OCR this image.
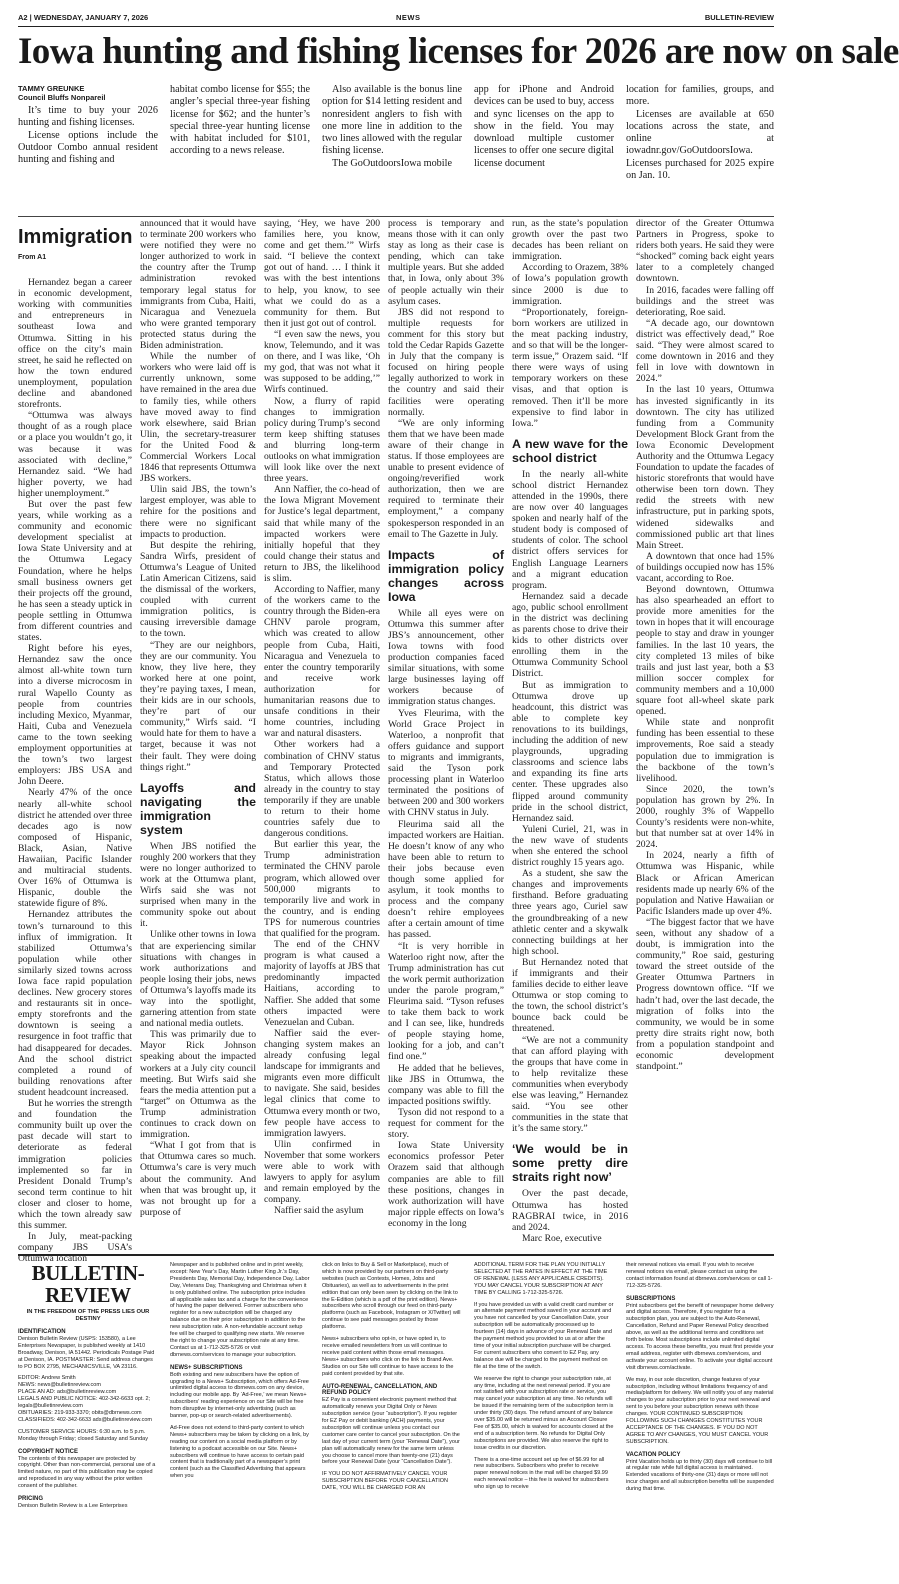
A2 | WEDNESDAY, JANUARY 7, 2026	NEWS	BULLETIN-REVIEW
Iowa hunting and fishing licenses for 2026 are now on sale
TAMMY GREUNKE
Council Bluffs Nonpareil

It’s time to buy your 2026 hunting and fishing licenses.

License options include the Outdoor Combo annual resident hunting and fishing and

habitat combo license for $55; the angler’s special three-year fishing license for $62; and the hunter’s special three-year hunting license with habitat included for $101, according to a news release.

Also available is the bonus line option for $14 letting resident and nonresident anglers to fish with one more line in addition to the two lines allowed with the regular fishing license.

The GoOutdoorsIowa mobile

app for iPhone and Android devices can be used to buy, access and sync licenses on the app to show in the field. You may download multiple customer licenses to offer one secure digital license document

location for families, groups, and more.

Licenses are available at 650 locations across the state, and online at iowadnr.gov/GoOutdoorsIowa. Licenses purchased for 2025 expire on Jan. 10.

Immigration
From A1

Hernandez began a career in economic development, working with communities and entrepreneurs in southeast Iowa and Ottumwa. Sitting in his office on the city’s main street, he said he reflected on how the town endured unemployment, population decline and abandoned storefronts.

“Ottumwa was always thought of as a rough place or a place you wouldn’t go, it was because it was associated with decline,” Hernandez said. “We had higher poverty, we had higher unemployment.”

But over the past few years, while working as a community and economic development specialist at Iowa State University and at the Ottumwa Legacy Foundation, where he helps small business owners get their projects off the ground, he has seen a steady uptick in people settling in Ottumwa from different countries and states.

Right before his eyes, Hernandez saw the once almost all-white town turn into a diverse microcosm in rural Wapello County as people from countries including Mexico, Myanmar, Haiti, Cuba and Venezuela came to the town seeking employment opportunities at the town’s two largest employers: JBS USA and John Deere.

Nearly 47% of the once nearly all-white school district he attended over three decades ago is now composed of Hispanic, Black, Asian, Native Hawaiian, Pacific Islander and multiracial students. Over 16% of Ottumwa is Hispanic, double the statewide figure of 8%.

Hernandez attributes the town’s turnaround to this influx of immigration. It stabilized Ottumwa’s population while other similarly sized towns across Iowa face rapid population declines. New grocery stores and restaurants sit in once-empty storefronts and the downtown is seeing a resurgence in foot traffic that had disappeared for decades. And the school district completed a round of building renovations after student headcount increased.

But he worries the strength and foundation the community built up over the past decade will start to deteriorate as federal immigration policies implemented so far in President Donald Trump’s second term continue to hit closer and closer to home, which the town already saw this summer.

In July, meat-packing company JBS USA’s Ottumwa location

announced that it would have to terminate 200 workers who were notified they were no longer authorized to work in the country after the Trump administration revoked temporary legal status for immigrants from Cuba, Haiti, Nicaragua and Venezuela who were granted temporary protected status during the Biden administration.

While the number of workers who were laid off is currently unknown, some have remained in the area due to family ties, while others have moved away to find work elsewhere, said Brian Ulin, the secretary-treasurer for the United Food & Commercial Workers Local 1846 that represents Ottumwa JBS workers.

Ulin said JBS, the town’s largest employer, was able to rehire for the positions and there were no significant impacts to production.

But despite the rehiring, Sandra Wirfs, president of Ottumwa’s League of United Latin American Citizens, said the dismissal of the workers, coupled with current immigration politics, is causing irreversible damage to the town.

“They are our neighbors, they are our community. You know, they live here, they worked here at one point, they’re paying taxes, I mean, their kids are in our schools, they’re part of our community,” Wirfs said. “I would hate for them to have a target, because it was not their fault. They were doing things right.”

Layoffs and navigating the immigration system

When JBS notified the roughly 200 workers that they were no longer authorized to work at the Ottumwa plant, Wirfs said she was not surprised when many in the community spoke out about it.

Unlike other towns in Iowa that are experiencing similar situations with changes in work authorizations and people losing their jobs, news of Ottumwa’s layoffs made its way into the spotlight, garnering attention from state and national media outlets.

This was primarily due to Mayor Rick Johnson speaking about the impacted workers at a July city council meeting. But Wirfs said she fears the media attention put a “target” on Ottumwa as the Trump administration continues to crack down on immigration.

“What I got from that is that Ottumwa cares so much. Ottumwa’s care is very much about the community. And when that was brought up, it was not brought up for a purpose of

saying, ‘Hey, we have 200 families here, you know, come and get them.’” Wirfs said. “I believe the context got out of hand. … I think it was with the best intentions to help, you know, to see what we could do as a community for them. But then it just got out of control.

“I even saw the news, you know, Telemundo, and it was on there, and I was like, ‘Oh my god, that was not what it was supposed to be adding,’” Wirfs continued.

Now, a flurry of rapid changes to immigration policy during Trump’s second term keep shifting statuses and blurring long-term outlooks on what immigration will look like over the next three years.

Ann Naffier, the co-head of the Iowa Migrant Movement for Justice’s legal department, said that while many of the impacted workers were initially hopeful that they could change their status and return to JBS, the likelihood is slim.

According to Naffier, many of the workers came to the country through the Biden-era CHNV parole program, which was created to allow people from Cuba, Haiti, Nicaragua and Venezuela to enter the country temporarily and receive work authorization for humanitarian reasons due to unsafe conditions in their home countries, including war and natural disasters.

Other workers had a combination of CHNV status and Temporary Protected Status, which allows those already in the country to stay temporarily if they are unable to return to their home countries safely due to dangerous conditions.

But earlier this year, the Trump administration terminated the CHNV parole program, which allowed over 500,000 migrants to temporarily live and work in the country, and is ending TPS for numerous countries that qualified for the program.

The end of the CHNV program is what caused a majority of layoffs at JBS that predominantly impacted Haitians, according to Naffier. She added that some others impacted were Venezuelan and Cuban.

Naffier said the ever-changing system makes an already confusing legal landscape for immigrants and migrants even more difficult to navigate. She said, besides legal clinics that come to Ottumwa every month or two, few people have access to immigration lawyers.

Ulin confirmed in November that some workers were able to work with lawyers to apply for asylum and remain employed by the company.

Naffier said the asylum

process is temporary and means those with it can only stay as long as their case is pending, which can take multiple years. But she added that, in Iowa, only about 3% of people actually win their asylum cases.

JBS did not respond to multiple requests for comment for this story but told the Cedar Rapids Gazette in July that the company is focused on hiring people legally authorized to work in the country and said their facilities were operating normally.

“We are only informing them that we have been made aware of their change in status. If those employees are unable to present evidence of ongoing/reverified work authorization, then we are required to terminate their employment,” a company spokesperson responded in an email to The Gazette in July.

Impacts of immigration policy changes across Iowa

While all eyes were on Ottumwa this summer after JBS’s announcement, other Iowa towns with food production companies faced similar situations, with some large businesses laying off workers because of immigration status changes.

Yves Fleurima, with the World Grace Project in Waterloo, a nonprofit that offers guidance and support to migrants and immigrants, said the Tyson pork processing plant in Waterloo terminated the positions of between 200 and 300 workers with CHNV status in July.

Fleurima said all the impacted workers are Haitian. He doesn’t know of any who have been able to return to their jobs because even though some applied for asylum, it took months to process and the company doesn’t rehire employees after a certain amount of time has passed.

“It is very horrible in Waterloo right now, after the Trump administration has cut the work permit authorization under the parole program,” Fleurima said. “Tyson refuses to take them back to work and I can see, like, hundreds of people staying home, looking for a job, and can’t find one.”

He added that he believes, like JBS in Ottumwa, the company was able to fill the impacted positions swiftly.

Tyson did not respond to a request for comment for the story.

Iowa State University economics professor Peter Orazem said that although companies are able to fill these positions, changes in work authorization will have major ripple effects on Iowa’s economy in the long

run, as the state’s population growth over the past two decades has been reliant on immigration.

According to Orazem, 38% of Iowa’s population growth since 2000 is due to immigration.

“Proportionately, foreign-born workers are utilized in the meat packing industry, and so that will be the longer-term issue,” Orazem said. “If there were ways of using temporary workers on these visas, and that option is removed. Then it’ll be more expensive to find labor in Iowa.”

A new wave for the school district

In the nearly all-white school district Hernandez attended in the 1990s, there are now over 40 languages spoken and nearly half of the student body is composed of students of color. The school district offers services for English Language Learners and a migrant education program.

Hernandez said a decade ago, public school enrollment in the district was declining as parents chose to drive their kids to other districts over enrolling them in the Ottumwa Community School District.

But as immigration to Ottumwa drove up headcount, this district was able to complete key renovations to its buildings, including the addition of new playgrounds, upgrading classrooms and science labs and expanding its fine arts center. These upgrades also flipped around community pride in the school district, Hernandez said.

Yuleni Curiel, 21, was in the new wave of students when she entered the school district roughly 15 years ago.

As a student, she saw the changes and improvements firsthand. Before graduating three years ago, Curiel saw the groundbreaking of a new athletic center and a skywalk connecting buildings at her high school.

But Hernandez noted that if immigrants and their families decide to either leave Ottumwa or stop coming to the town, the school district’s bounce back could be threatened.

“We are not a community that can afford playing with the groups that have come in to help revitalize these communities when everybody else was leaving,” Hernandez said. “You see other communities in the state that it’s the same story.”

‘We would be in some pretty dire straits right now’

Over the past decade, Ottumwa has hosted RAGBRAI twice, in 2016 and 2024.

Marc Roe, executive

director of the Greater Ottumwa Partners in Progress, spoke to riders both years. He said they were “shocked” coming back eight years later to a completely changed downtown.

In 2016, facades were falling off buildings and the street was deteriorating, Roe said.

“A decade ago, our downtown district was effectively dead,” Roe said. “They were almost scared to come downtown in 2016 and they fell in love with downtown in 2024.”

In the last 10 years, Ottumwa has invested significantly in its downtown. The city has utilized funding from a Community Development Block Grant from the Iowa Economic Development Authority and the Ottumwa Legacy Foundation to update the facades of historic storefronts that would have otherwise been torn down. They redid the streets with new infrastructure, put in parking spots, widened sidewalks and commissioned public art that lines Main Street.

A downtown that once had 15% of buildings occupied now has 15% vacant, according to Roe.

Beyond downtown, Ottumwa has also spearheaded an effort to provide more amenities for the town in hopes that it will encourage people to stay and draw in younger families. In the last 10 years, the city completed 13 miles of bike trails and just last year, both a $3 million soccer complex for community members and a 10,000 square foot all-wheel skate park opened.

While state and nonprofit funding has been essential to these improvements, Roe said a steady population due to immigration is the backbone of the town’s livelihood.

Since 2020, the town’s population has grown by 2%. In 2000, roughly 3% of Wappello County’s residents were non-white, but that number sat at over 14% in 2024.

In 2024, nearly a fifth of Ottumwa was Hispanic, while Black or African American residents made up nearly 6% of the population and Native Hawaiian or Pacific Islanders made up over 4%.

“The biggest factor that we have seen, without any shadow of a doubt, is immigration into the community,” Roe said, gesturing toward the street outside of the Greater Ottumwa Partners in Progress downtown office. “If we hadn’t had, over the last decade, the migration of folks into the community, we would be in some pretty dire straits right now, both from a population standpoint and economic development standpoint.”

BULLETIN-REVIEW
IN THE FREEDOM OF THE PRESS LIES OUR DESTINY
IDENTIFICATION

Denison Bulletin Review (USPS: 153580), a Lee Enterprises Newspaper, is published weekly at 1410 Broadway, Denison, IA 51442. Periodicals Postage Paid at Denison, IA. POSTMASTER: Send address changes to PO BOX 2795, MECHANICSVILLE, VA 23116.

EDITOR: Andrew Smith

NEWS: news@bulletinreview.com

PLACE AN AD: ads@bulletinreview.com

LEGALS AND PUBLIC NOTICE: 402-342-6633 opt. 2; legals@bulletinreview.com

OBITUARIES: 219-933-3370; obits@dbrnews.com

CLASSIFIEDS: 402-342-6633 ads@bulletinreview.com

CUSTOMER SERVICE HOURS: 6:30 a.m. to 5 p.m. Monday through Friday; closed Saturday and Sunday

COPYRIGHT NOTICE

The contents of this newspaper are protected by copyright. Other than non-commercial, personal use of a limited nature, no part of this publication may be copied and reproduced in any way without the prior written consent of the publisher.

PRICING

Denison Bulletin Review is a Lee Enterprises

Newspaper and is published online and in print weekly, except: New Year’s Day, Martin Luther King Jr.’s Day, Presidents Day, Memorial Day, Independence Day, Labor Day, Veterans Day, Thanksgiving and Christmas when it is only published online. The subscription price includes all applicable sales tax and a charge for the convenience of having the paper delivered. Former subscribers who register for a new subscription will be charged any balance due on their prior subscription in addition to the new subscription rate. A non-refundable account setup fee will be charged to qualifying new starts. We reserve the right to change your subscription rate at any time. Contact us at 1-712-325-5726 or visit dbrnews.com/services to manage your subscription.

NEWS+ SUBSCRIPTIONS

Both existing and new subscribers have the option of upgrading to a News+ Subscription, which offers Ad-Free unlimited digital access to dbrnews.com on any device, including our mobile app. By ‘Ad-Free,’ we mean News+ subscribers’ reading experience on our Site will be free from disruptive by internet-only advertising (such as banner, pop-up or search-related advertisements).

Ad-Free does not extend to third-party content to which News+ subscribers may be taken by clicking on a link, by reading our content on a social media platform or by listening to a podcast accessible on our Site. News+ subscribers will continue to have access to certain paid content that is traditionally part of a newspaper’s print content (such as the Classified Advertising that appears when you

click on links to Buy & Sell or Marketplace), much of which is now provided by our partners on third-party websites (such as Contests, Homes, Jobs and Obituaries), as well as to advertisements in the print edition that can only been seen by clicking on the link to the E-Edition (which is a pdf of the print edition). News+ subscribers who scroll through our feed on third-party platforms (such as Facebook, Instagram or X/Twitter) will continue to see paid messages posted by those platforms.

News+ subscribers who opt-in, or have opted in, to receive emailed newsletters from us will continue to receive paid content within those email messages. News+ subscribers who click on the link to Brand Ave. Studios on our Site will continue to have access to the paid content provided by that site.

AUTO-RENEWAL, CANCELLATION, AND REFUND POLICY

EZ Pay is a convenient electronic payment method that automatically renews your Digital Only or News subscription service (your “subscription”). If you register for EZ Pay or debit banking (ACH) payments, your subscription will continue unless you contact our customer care center to cancel your subscription. On the last day of your current term (your “Renewal Date”), your plan will automatically renew for the same term unless you choose to cancel more than twenty-one (21) days before your Renewal Date (your “Cancellation Date”).

IF YOU DO NOT AFFIRMATIVELY CANCEL YOUR SUBSCRIPTION BEFORE YOUR CANCELLATION DATE, YOU WILL BE CHARGED FOR AN

ADDITIONAL TERM FOR THE PLAN YOU INITIALLY SELECTED AT THE RATES IN EFFECT AT THE TIME OF RENEWAL (LESS ANY APPLICABLE CREDITS). YOU MAY CANCEL YOUR SUBSCRIPTION AT ANY TIME BY CALLING 1-712-325-5726.

If you have provided us with a valid credit card number or an alternate payment method saved in your account and you have not cancelled by your Cancellation Date, your subscription will be automatically processed up to fourteen (14) days in advance of your Renewal Date and the payment method you provided to us at or after the time of your initial subscription purchase will be charged. For current subscribers who convert to EZ Pay, any balance due will be charged to the payment method on file at the time of the switch.

We reserve the right to change your subscription rate, at any time, including at the next renewal period. If you are not satisfied with your subscription rate or service, you may cancel your subscription at any time. No refunds will be issued if the remaining term of the subscription term is under thirty (30) days. The refund amount of any balance over $35.00 will be returned minus an Account Closure Fee of $35.00, which is waived for accounts closed at the end of a subscription term. No refunds for Digital Only subscriptions are provided. We also reserve the right to issue credits in our discretion.

There is a one-time account set up fee of $6.99 for all new subscribers. Subscribers who prefer to receive paper renewal notices in the mail will be charged $9.99 each renewal notice – this fee is waived for subscribers who sign up to receive

their renewal notices via email. If you wish to receive renewal notices via email, please contact us using the contact information found at dbrnews.com/services or call 1-712-325-5726.

SUBSCRIPTIONS

Print subscribers get the benefit of newspaper home delivery and digital access. Therefore, if you register for a subscription plan, you are subject to the Auto-Renewal, Cancellation, Refund and Paper Renewal Policy described above, as well as the additional terms and conditions set forth below. Most subscriptions include unlimited digital access. To access these benefits, you must first provide your email address, register with dbrnews.com/services, and activate your account online. To activate your digital account visit dbrnews.com/activate.

We may, in our sole discretion, change features of your subscription, including without limitations frequency of and media/platform for delivery. We will notify you of any material changes to your subscription prior to your next renewal and sent to you before your subscription renews with those changes. YOUR CONTINUED SUBSCRIPTION FOLLOWING SUCH CHANGES CONSTITUTES YOUR ACCEPTANCE OF THE CHANGES. IF YOU DO NOT AGREE TO ANY CHANGES, YOU MUST CANCEL YOUR SUBSCRIPTION.

VACATION POLICY

Print Vacation holds up to thirty (30) days will continue to bill at regular rate while full digital access is maintained. Extended vacations of thirty-one (31) days or more will not incur charges and all subscription benefits will be suspended during that time.
